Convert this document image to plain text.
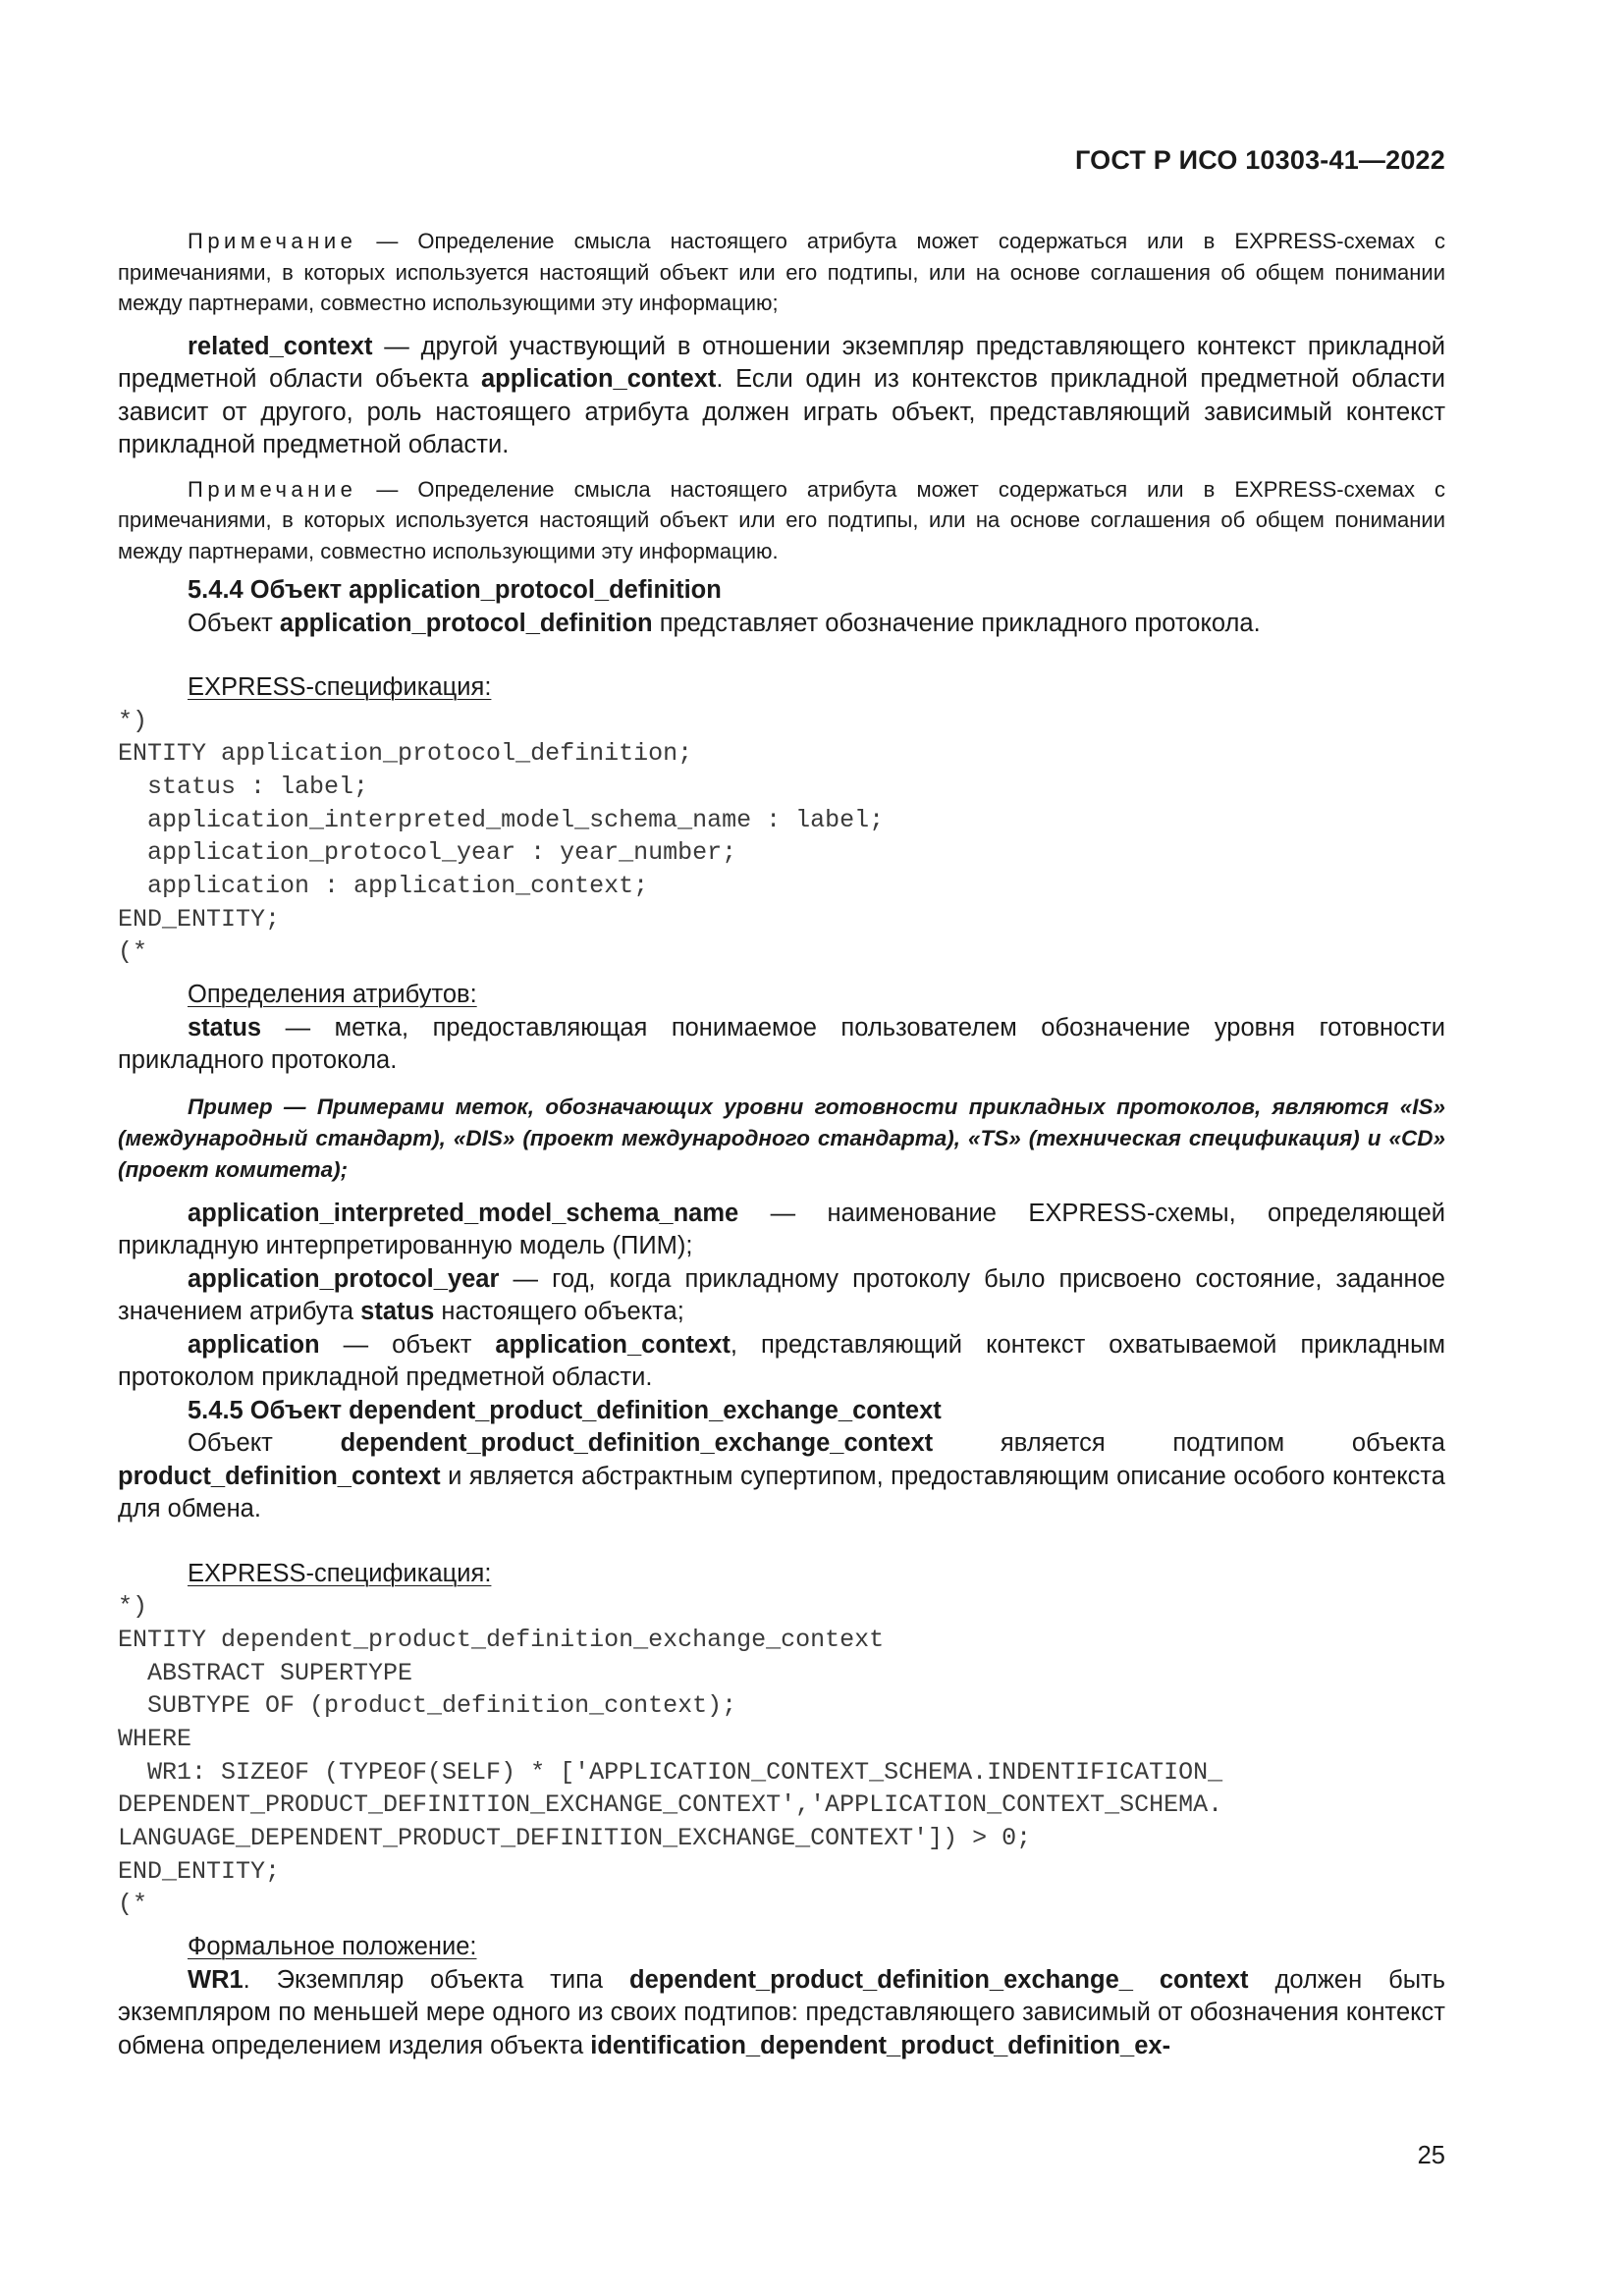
ГОСТ Р ИСО 10303-41—2022

Примечание — Определение смысла настоящего атрибута может содержаться или в EXPRESS-схемах с примечаниями, в которых используется настоящий объект или его подтипы, или на основе соглашения об общем понимании между партнерами, совместно использующими эту информацию;

related_context — другой участвующий в отношении экземпляр представляющего контекст прикладной предметной области объекта application_context. Если один из контекстов прикладной предметной области зависит от другого, роль настоящего атрибута должен играть объект, представляющий зависимый контекст прикладной предметной области.

Примечание — Определение смысла настоящего атрибута может содержаться или в EXPRESS-схемах с примечаниями, в которых используется настоящий объект или его подтипы, или на основе соглашения об общем понимании между партнерами, совместно использующими эту информацию.

5.4.4 Объект application_protocol_definition

Объект application_protocol_definition представляет обозначение прикладного протокола.

EXPRESS-спецификация:

*)
ENTITY application_protocol_definition;
status : label;
application_interpreted_model_schema_name : label;
application_protocol_year : year_number;
application : application_context;
END_ENTITY;
(*

Определения атрибутов:

status — метка, предоставляющая понимаемое пользователем обозначение уровня готовности прикладного протокола.

Пример — Примерами меток, обозначающих уровни готовности прикладных протоколов, являются «IS» (международный стандарт), «DIS» (проект международного стандарта), «TS» (техническая спецификация) и «CD» (проект комитета);

application_interpreted_model_schema_name — наименование EXPRESS-схемы, определяющей прикладную интерпретированную модель (ПИМ);

application_protocol_year — год, когда прикладному протоколу было присвоено состояние, заданное значением атрибута status настоящего объекта;

application — объект application_context, представляющий контекст охватываемой прикладным протоколом прикладной предметной области.

5.4.5 Объект dependent_product_definition_exchange_context

Объект dependent_product_definition_exchange_context является подтипом объекта product_definition_context и является абстрактным супертипом, предоставляющим описание особого контекста для обмена.

EXPRESS-спецификация:

*)
ENTITY dependent_product_definition_exchange_context
ABSTRACT SUPERTYPE
SUBTYPE OF (product_definition_context);
WHERE
WR1: SIZEOF (TYPEOF(SELF) * ['APPLICATION_CONTEXT_SCHEMA.INDENTIFICATION_
DEPENDENT_PRODUCT_DEFINITION_EXCHANGE_CONTEXT','APPLICATION_CONTEXT_SCHEMA.
LANGUAGE_DEPENDENT_PRODUCT_DEFINITION_EXCHANGE_CONTEXT']) > 0;
END_ENTITY;
(*

Формальное положение:

WR1. Экземпляр объекта типа dependent_product_definition_exchange_ context должен быть экземпляром по меньшей мере одного из своих подтипов: представляющего зависимый от обозначения контекст обмена определением изделия объекта identification_dependent_product_definition_ex-

25
